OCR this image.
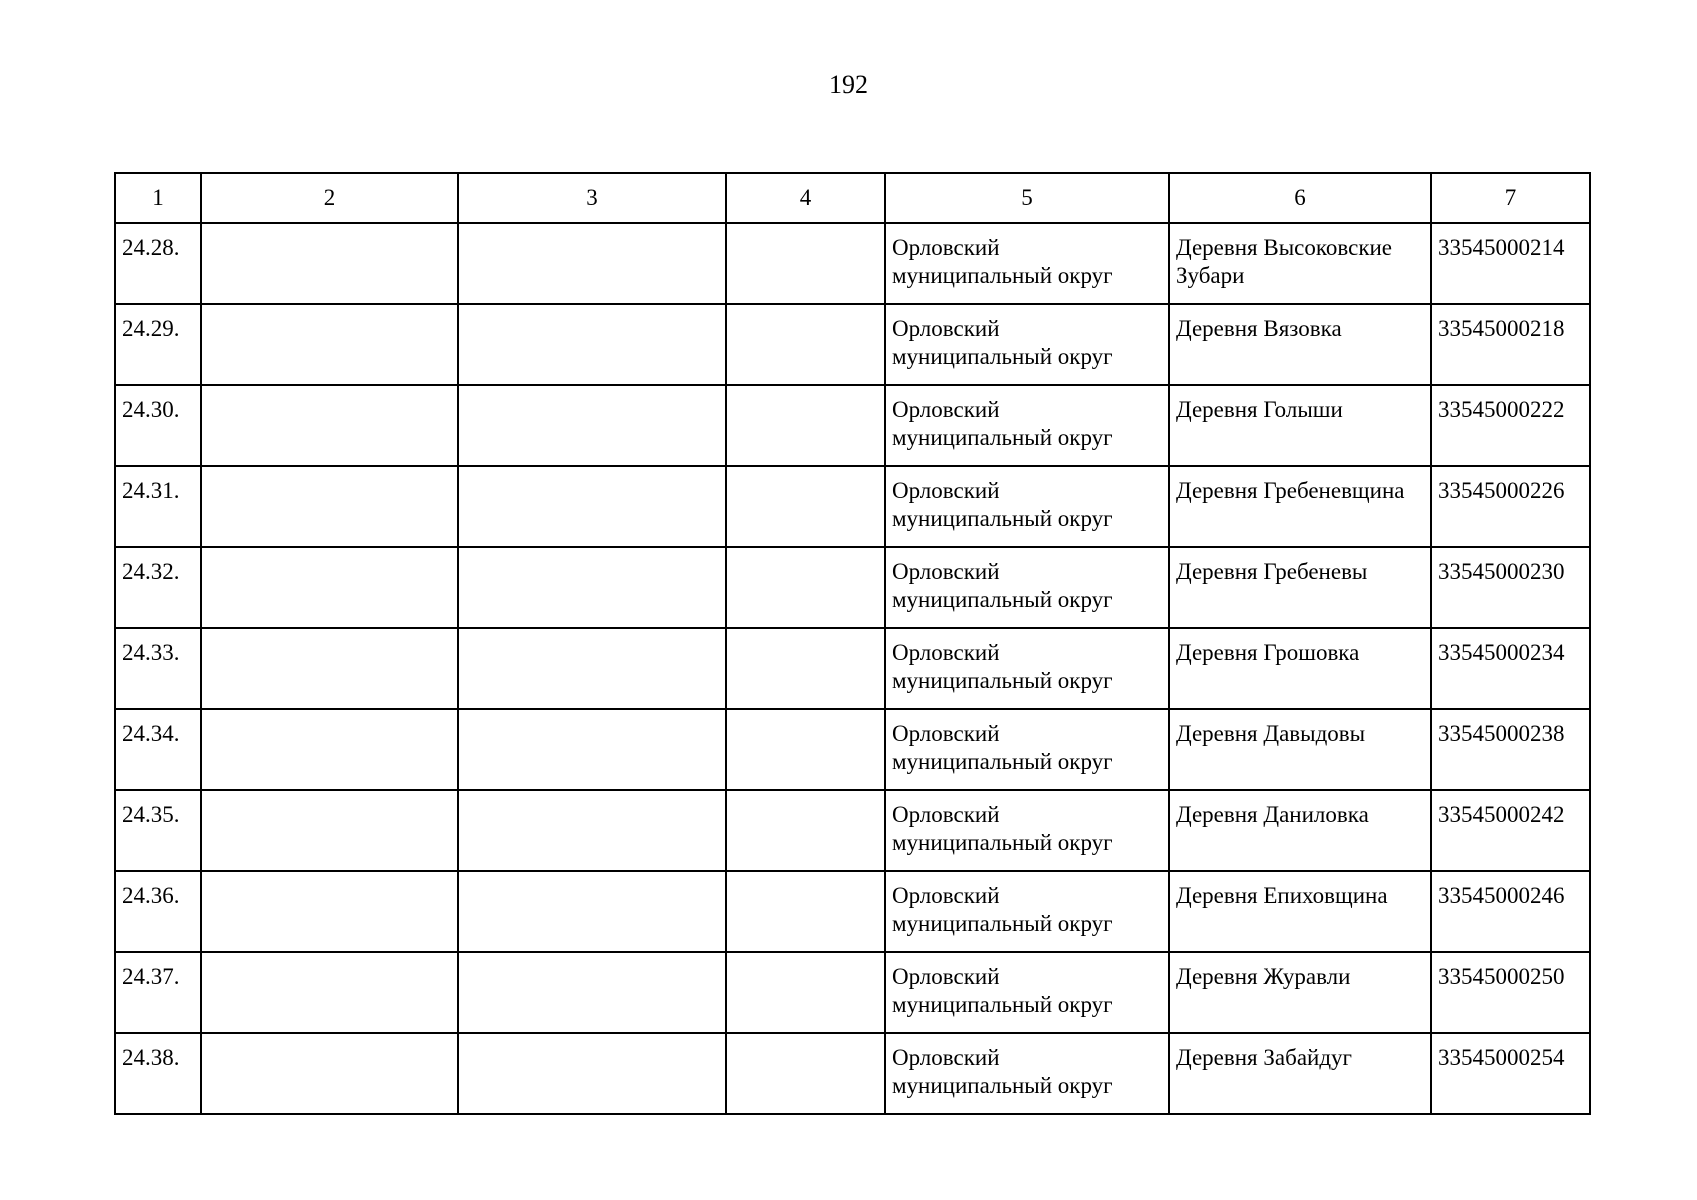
192
1	2	3	4	5	6	7
24.28.				Орловский муниципальный округ	Деревня Высоковские Зубари	33545000214
24.29.				Орловский муниципальный округ	Деревня Вязовка	33545000218
24.30.				Орловский муниципальный округ	Деревня Голыши	33545000222
24.31.				Орловский муниципальный округ	Деревня Гребеневщина	33545000226
24.32.				Орловский муниципальный округ	Деревня Гребеневы	33545000230
24.33.				Орловский муниципальный округ	Деревня Грошовка	33545000234
24.34.				Орловский муниципальный округ	Деревня Давыдовы	33545000238
24.35.				Орловский муниципальный округ	Деревня Даниловка	33545000242
24.36.				Орловский муниципальный округ	Деревня Епиховщина	33545000246
24.37.				Орловский муниципальный округ	Деревня Журавли	33545000250
24.38.				Орловский муниципальный округ	Деревня Забайдуг	33545000254
